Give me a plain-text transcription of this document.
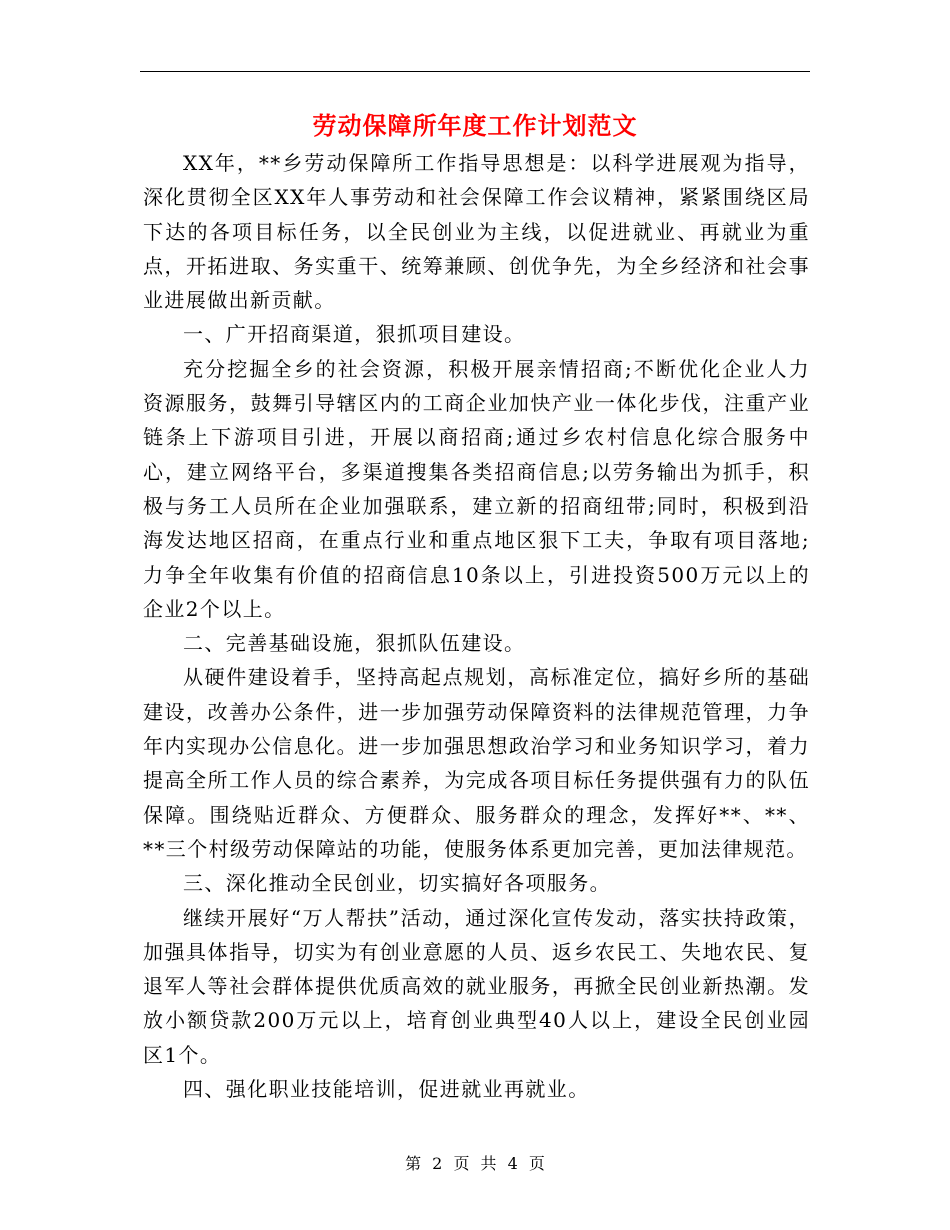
劳动保障所年度工作计划范文

XX年，**乡劳动保障所工作指导思想是：以科学进展观为指导，深化贯彻全区XX年人事劳动和社会保障工作会议精神，紧紧围绕区局下达的各项目标任务，以全民创业为主线，以促进就业、再就业为重点，开拓进取、务实重干、统筹兼顾、创优争先，为全乡经济和社会事业进展做出新贡献。

一、广开招商渠道，狠抓项目建设。

充分挖掘全乡的社会资源，积极开展亲情招商;不断优化企业人力资源服务，鼓舞引导辖区内的工商企业加快产业一体化步伐，注重产业链条上下游项目引进，开展以商招商;通过乡农村信息化综合服务中心，建立网络平台，多渠道搜集各类招商信息;以劳务输出为抓手，积极与务工人员所在企业加强联系，建立新的招商纽带;同时，积极到沿海发达地区招商，在重点行业和重点地区狠下工夫，争取有项目落地;力争全年收集有价值的招商信息10条以上，引进投资500万元以上的企业2个以上。

二、完善基础设施，狠抓队伍建设。

从硬件建设着手，坚持高起点规划，高标准定位，搞好乡所的基础建设，改善办公条件，进一步加强劳动保障资料的法律规范管理，力争年内实现办公信息化。进一步加强思想政治学习和业务知识学习，着力提高全所工作人员的综合素养，为完成各项目标任务提供强有力的队伍保障。围绕贴近群众、方便群众、服务群众的理念，发挥好**、**、**三个村级劳动保障站的功能，使服务体系更加完善，更加法律规范。

三、深化推动全民创业，切实搞好各项服务。

继续开展好“万人帮扶”活动，通过深化宣传发动，落实扶持政策，加强具体指导，切实为有创业意愿的人员、返乡农民工、失地农民、复退军人等社会群体提供优质高效的就业服务，再掀全民创业新热潮。发放小额贷款200万元以上，培育创业典型40人以上，建设全民创业园区1个。

四、强化职业技能培训，促进就业再就业。

第 2 页 共 4 页
